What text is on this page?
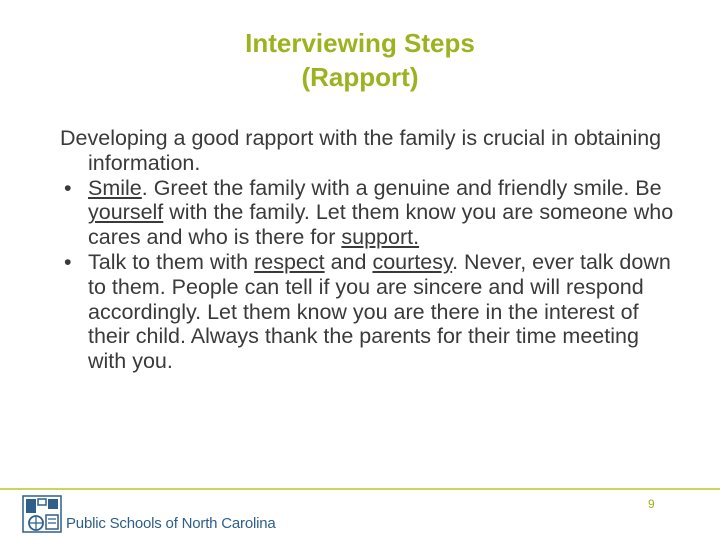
Interviewing Steps
(Rapport)

Developing a good rapport with the family is crucial in obtaining information.

• Smile. Greet the family with a genuine and friendly smile. Be yourself with the family. Let them know you are someone who cares and who is there for support.

• Talk to them with respect and courtesy. Never, ever talk down to them. People can tell if you are sincere and will respond accordingly. Let them know you are there in the interest of their child. Always thank the parents for their time meeting with you.

9
Public Schools of North Carolina
